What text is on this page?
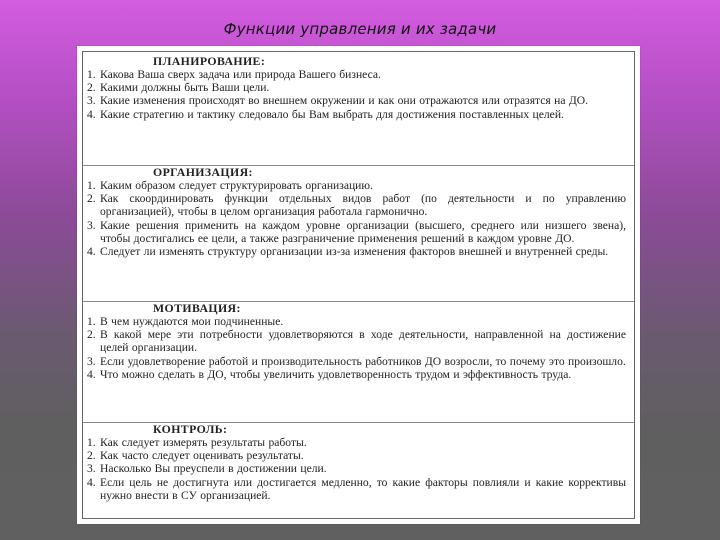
Функции управления и их задачи
ПЛАНИРОВАНИЕ:
1. Какова Ваша сверх задача или природа Вашего бизнеса.
2. Какими должны быть Ваши цели.
3. Какие изменения происходят во внешнем окружении и как они отражаются или отразятся на ДО.
4. Какие стратегию и тактику следовало бы Вам выбрать для достижения поставленных целей.
ОРГАНИЗАЦИЯ:
1. Каким образом следует структурировать организацию.
2. Как скоординировать функции отдельных видов работ (по деятельности и по управлению организацией), чтобы в целом организация работала гармонично.
3. Какие решения применить на каждом уровне организации (высшего, среднего или низшего звена), чтобы достигались ее цели, а также разграничение применения решений в каждом уровне ДО.
4. Следует ли изменять структуру организации из-за изменения факторов внешней и внутренней среды.
МОТИВАЦИЯ:
1. В чем нуждаются мои подчиненные.
2. В какой мере эти потребности удовлетворяются в ходе деятельности, направленной на достижение целей организации.
3. Если удовлетворение работой и производительность работников ДО возросли, то почему это произошло.
4. Что можно сделать в ДО, чтобы увеличить удовлетворенность трудом и эффективность труда.
КОНТРОЛЬ:
1. Как следует измерять результаты работы.
2. Как часто следует оценивать результаты.
3. Насколько Вы преуспели в достижении цели.
4. Если цель не достигнута или достигается медленно, то какие факторы повлияли и какие коррективы нужно внести в СУ организацией.
